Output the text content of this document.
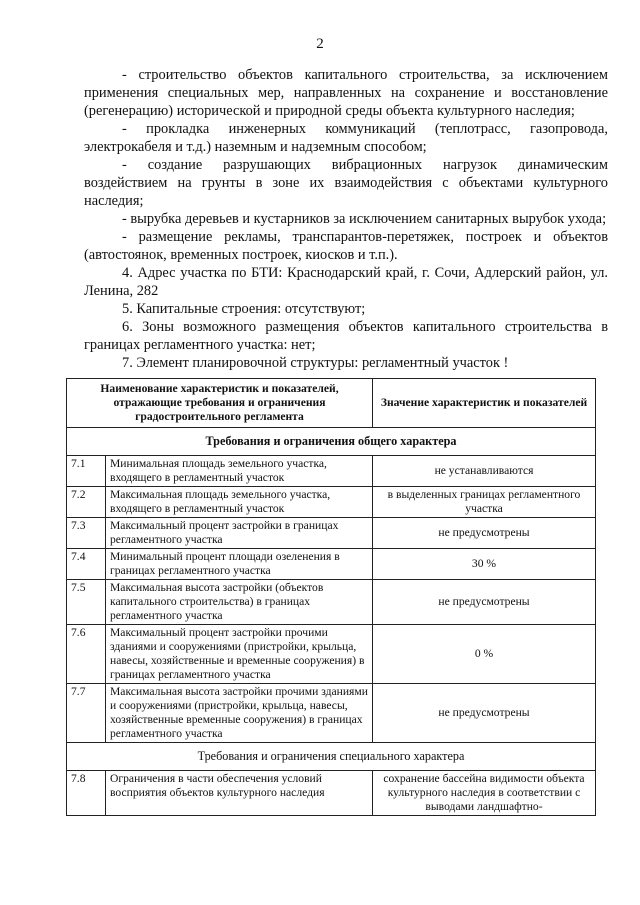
2
- строительство объектов капитального строительства, за исключением применения специальных мер, направленных на сохранение и восстановление (регенерацию) исторической и природной среды объекта культурного наследия;
- прокладка инженерных коммуникаций (теплотрасс, газопровода, электрокабеля и т.д.) наземным и надземным способом;
- создание разрушающих вибрационных нагрузок динамическим воздействием на грунты в зоне их взаимодействия с объектами культурного наследия;
- вырубка деревьев и кустарников за исключением санитарных вырубок ухода;
- размещение рекламы, транспарантов-перетяжек, построек и объектов (автостоянок, временных построек, киосков и т.п.).
4. Адрес участка по БТИ: Краснодарский край, г. Сочи, Адлерский район, ул. Ленина, 282
5. Капитальные строения: отсутствуют;
6. Зоны возможного размещения объектов капитального строительства в границах регламентного участка: нет;
7. Элемент планировочной структуры: регламентный участок !
Наименование характеристик и показателей, отражающие требования и ограничения градостроительного регламента		Значение характеристик и показателей
Требования и ограничения общего характера		
7.1	Минимальная площадь земельного участка, входящего в регламентный участок	не устанавливаются
7.2	Максимальная площадь земельного участка, входящего в регламентный участок	в выделенных границах регламентного участка
7.3	Максимальный процент застройки в границах регламентного участка	не предусмотрены
7.4	Минимальный процент площади озеленения в границах регламентного участка	30 %
7.5	Максимальная высота застройки (объектов капитального строительства) в границах регламентного участка	не предусмотрены
7.6	Максимальный процент застройки прочими зданиями и сооружениями (пристройки, крыльца, навесы, хозяйственные и временные сооружения) в границах регламентного участка	0 %
7.7	Максимальная высота застройки прочими зданиями и сооружениями (пристройки, крыльца, навесы, хозяйственные временные сооружения) в границах регламентного участка	не предусмотрены
Требования и ограничения специального характера		
7.8	Ограничения в части обеспечения условий восприятия объектов культурного наследия	сохранение бассейна видимости объекта культурного наследия в соответствии с выводами ландшафтно-
